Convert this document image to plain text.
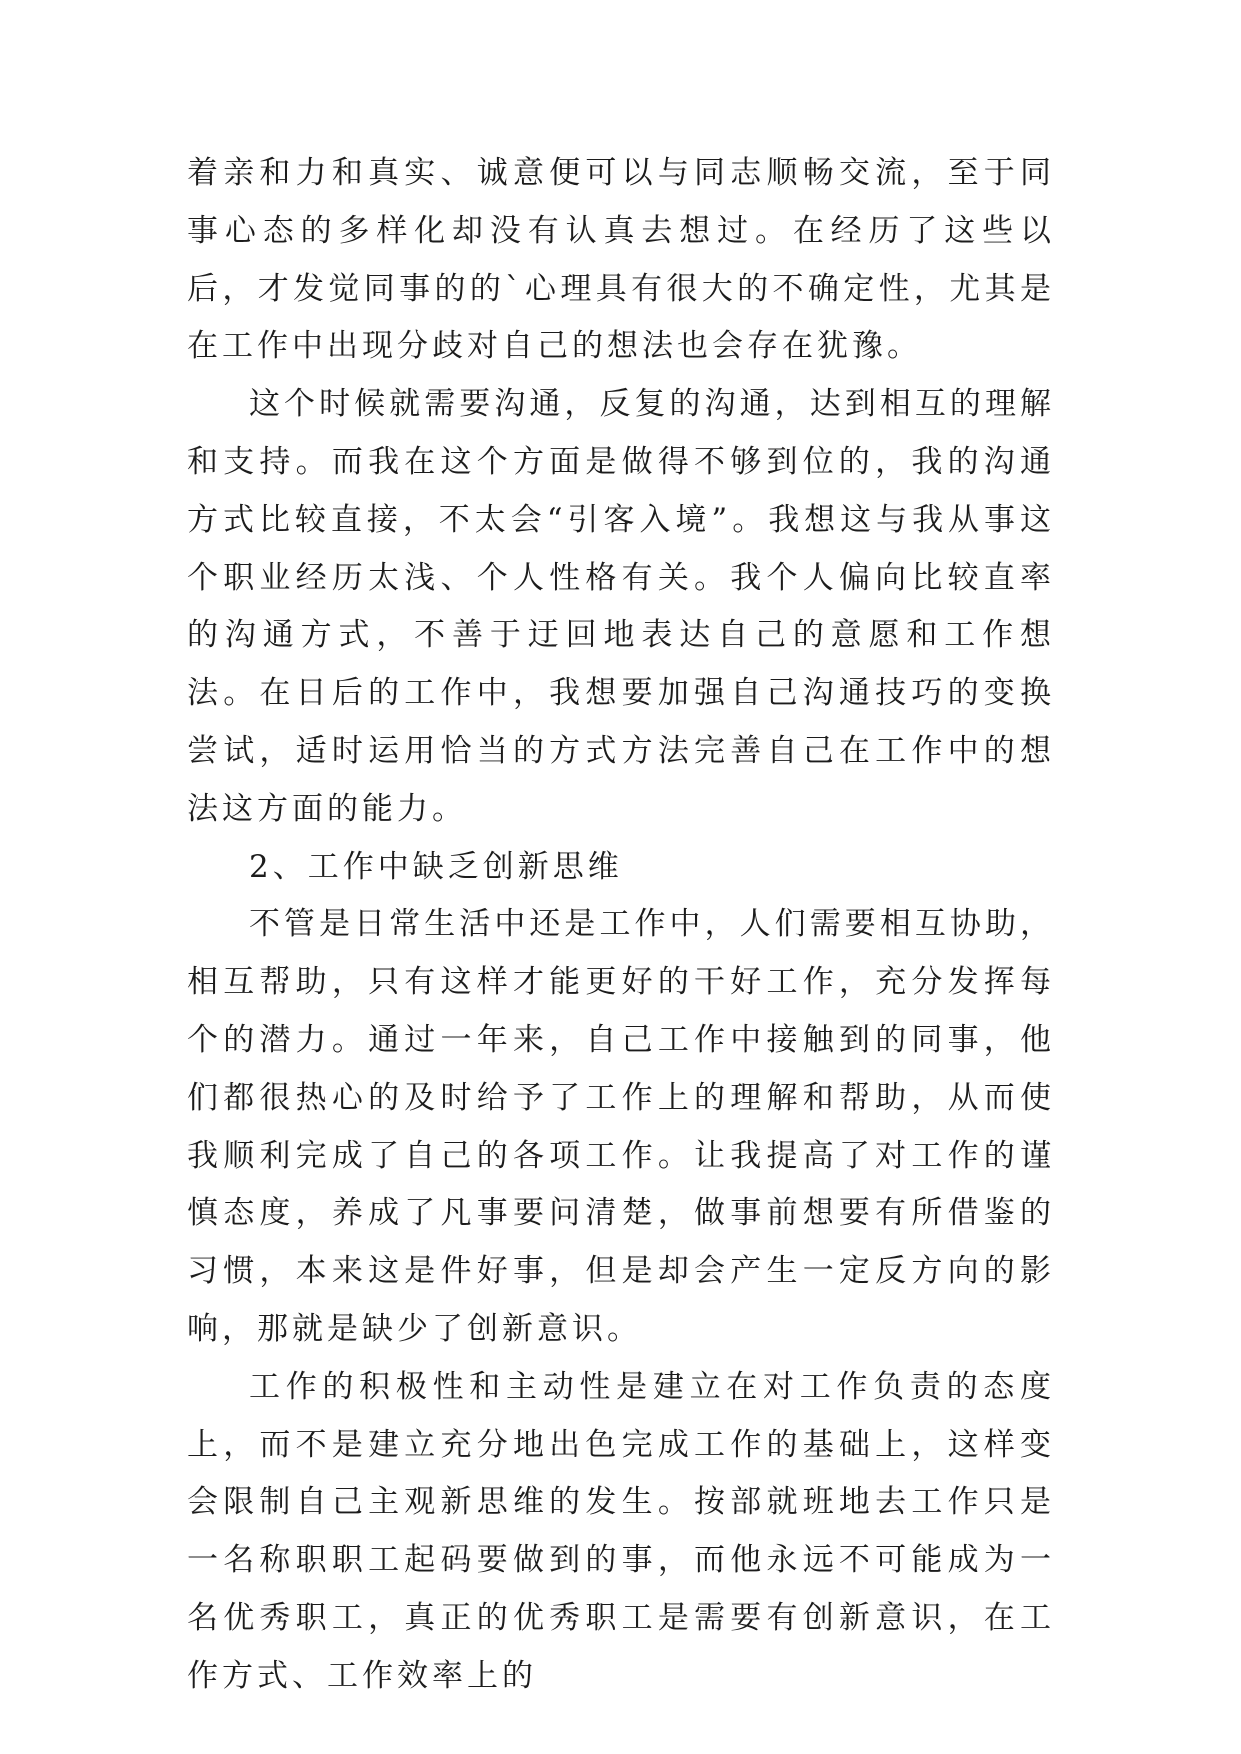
着亲和力和真实、诚意便可以与同志顺畅交流，至于同事心态的多样化却没有认真去想过。在经历了这些以后，才发觉同事的的`心理具有很大的不确定性，尤其是在工作中出现分歧对自己的想法也会存在犹豫。

这个时候就需要沟通，反复的沟通，达到相互的理解和支持。而我在这个方面是做得不够到位的，我的沟通方式比较直接，不太会“引客入境”。我想这与我从事这个职业经历太浅、个人性格有关。我个人偏向比较直率的沟通方式，不善于迂回地表达自己的意愿和工作想法。在日后的工作中，我想要加强自己沟通技巧的变换尝试，适时运用恰当的方式方法完善自己在工作中的想法这方面的能力。

2、工作中缺乏创新思维

不管是日常生活中还是工作中，人们需要相互协助，相互帮助，只有这样才能更好的干好工作，充分发挥每个的潜力。通过一年来，自己工作中接触到的同事，他们都很热心的及时给予了工作上的理解和帮助，从而使我顺利完成了自己的各项工作。让我提高了对工作的谨慎态度，养成了凡事要问清楚，做事前想要有所借鉴的习惯，本来这是件好事，但是却会产生一定反方向的影响，那就是缺少了创新意识。

工作的积极性和主动性是建立在对工作负责的态度上，而不是建立充分地出色完成工作的基础上，这样变会限制自己主观新思维的发生。按部就班地去工作只是一名称职职工起码要做到的事，而他永远不可能成为一名优秀职工，真正的优秀职工是需要有创新意识，在工作方式、工作效率上的
